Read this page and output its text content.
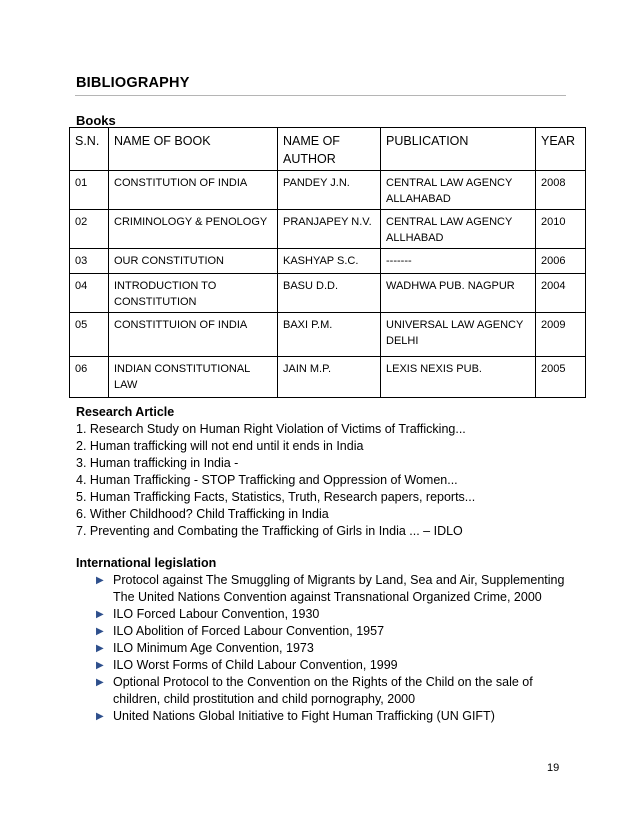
BIBLIOGRAPHY
Books
S.N.	NAME OF BOOK	NAME OF AUTHOR	PUBLICATION	YEAR
01	CONSTITUTION OF INDIA	PANDEY J.N.	CENTRAL LAW AGENCY ALLAHABAD	2008
02	CRIMINOLOGY & PENOLOGY	PRANJAPEY N.V.	CENTRAL LAW AGENCY ALLHABAD	2010
03	OUR CONSTITUTION	KASHYAP S.C.	-------	2006
04	INTRODUCTION TO CONSTITUTION	BASU D.D.	WADHWA PUB. NAGPUR	2004
05	CONSTITTUION OF INDIA	BAXI P.M.	UNIVERSAL LAW AGENCY DELHI	2009
06	INDIAN CONSTITUTIONAL LAW	JAIN M.P.	LEXIS NEXIS PUB.	2005
Research Article
1. Research Study on Human Right Violation of Victims of Trafficking...
2. Human trafficking will not end until it ends in India
3. Human trafficking in India -
4. Human Trafficking - STOP Trafficking and Oppression of Women...
5. Human Trafficking Facts, Statistics, Truth, Research papers, reports...
6. Wither Childhood? Child Trafficking in India
7. Preventing and Combating the Trafficking of Girls in India ... – IDLO
International legislation
▶ Protocol against The Smuggling of Migrants by Land, Sea and Air, Supplementing The United Nations Convention against Transnational Organized Crime, 2000
▶ ILO Forced Labour Convention, 1930
▶ ILO Abolition of Forced Labour Convention, 1957
▶ ILO Minimum Age Convention, 1973
▶ ILO Worst Forms of Child Labour Convention, 1999
▶ Optional Protocol to the Convention on the Rights of the Child on the sale of children, child prostitution and child pornography, 2000
▶ United Nations Global Initiative to Fight Human Trafficking (UN GIFT)
19
